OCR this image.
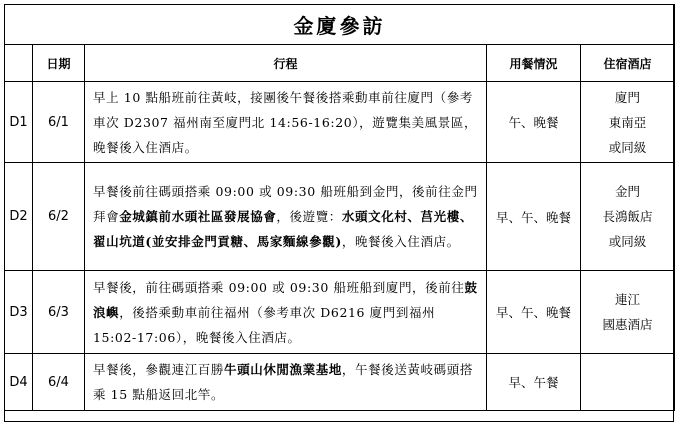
金廈參訪				
	日期	行程	用餐情況	住宿酒店
D1	6/1	早上 10 點船班前往黃岐，接團後午餐後搭乘動車前往廈門（參考車次 D2307 福州南至廈門北 14:56-16:20），遊覽集美風景區，晚餐後入住酒店。	午、晚餐	廈門
東南亞
或同級

D2	6/2	早餐後前往碼頭搭乘 09:00 或 09:30 船班船到金門，後前往金門拜會金城鎮前水頭社區發展協會，後遊覽：水頭文化村、莒光樓、翟山坑道(並安排金門貢糖、馬家麵線參觀)，晚餐後入住酒店。	早、午、晚餐	金門
長鴻飯店
或同級

D3	6/3	早餐後，前往碼頭搭乘 09:00 或 09:30 船班船到廈門，後前往鼓浪嶼，後搭乘動車前往福州（參考車次 D6216 廈門到福州 15:02-17:06），晚餐後入住酒店。	早、午、晚餐	連江
國惠酒店

D4	6/4	早餐後，參觀連江百勝牛頭山休閒漁業基地，午餐後送黃岐碼頭搭乘 15 點船返回北竿。	早、午餐	
